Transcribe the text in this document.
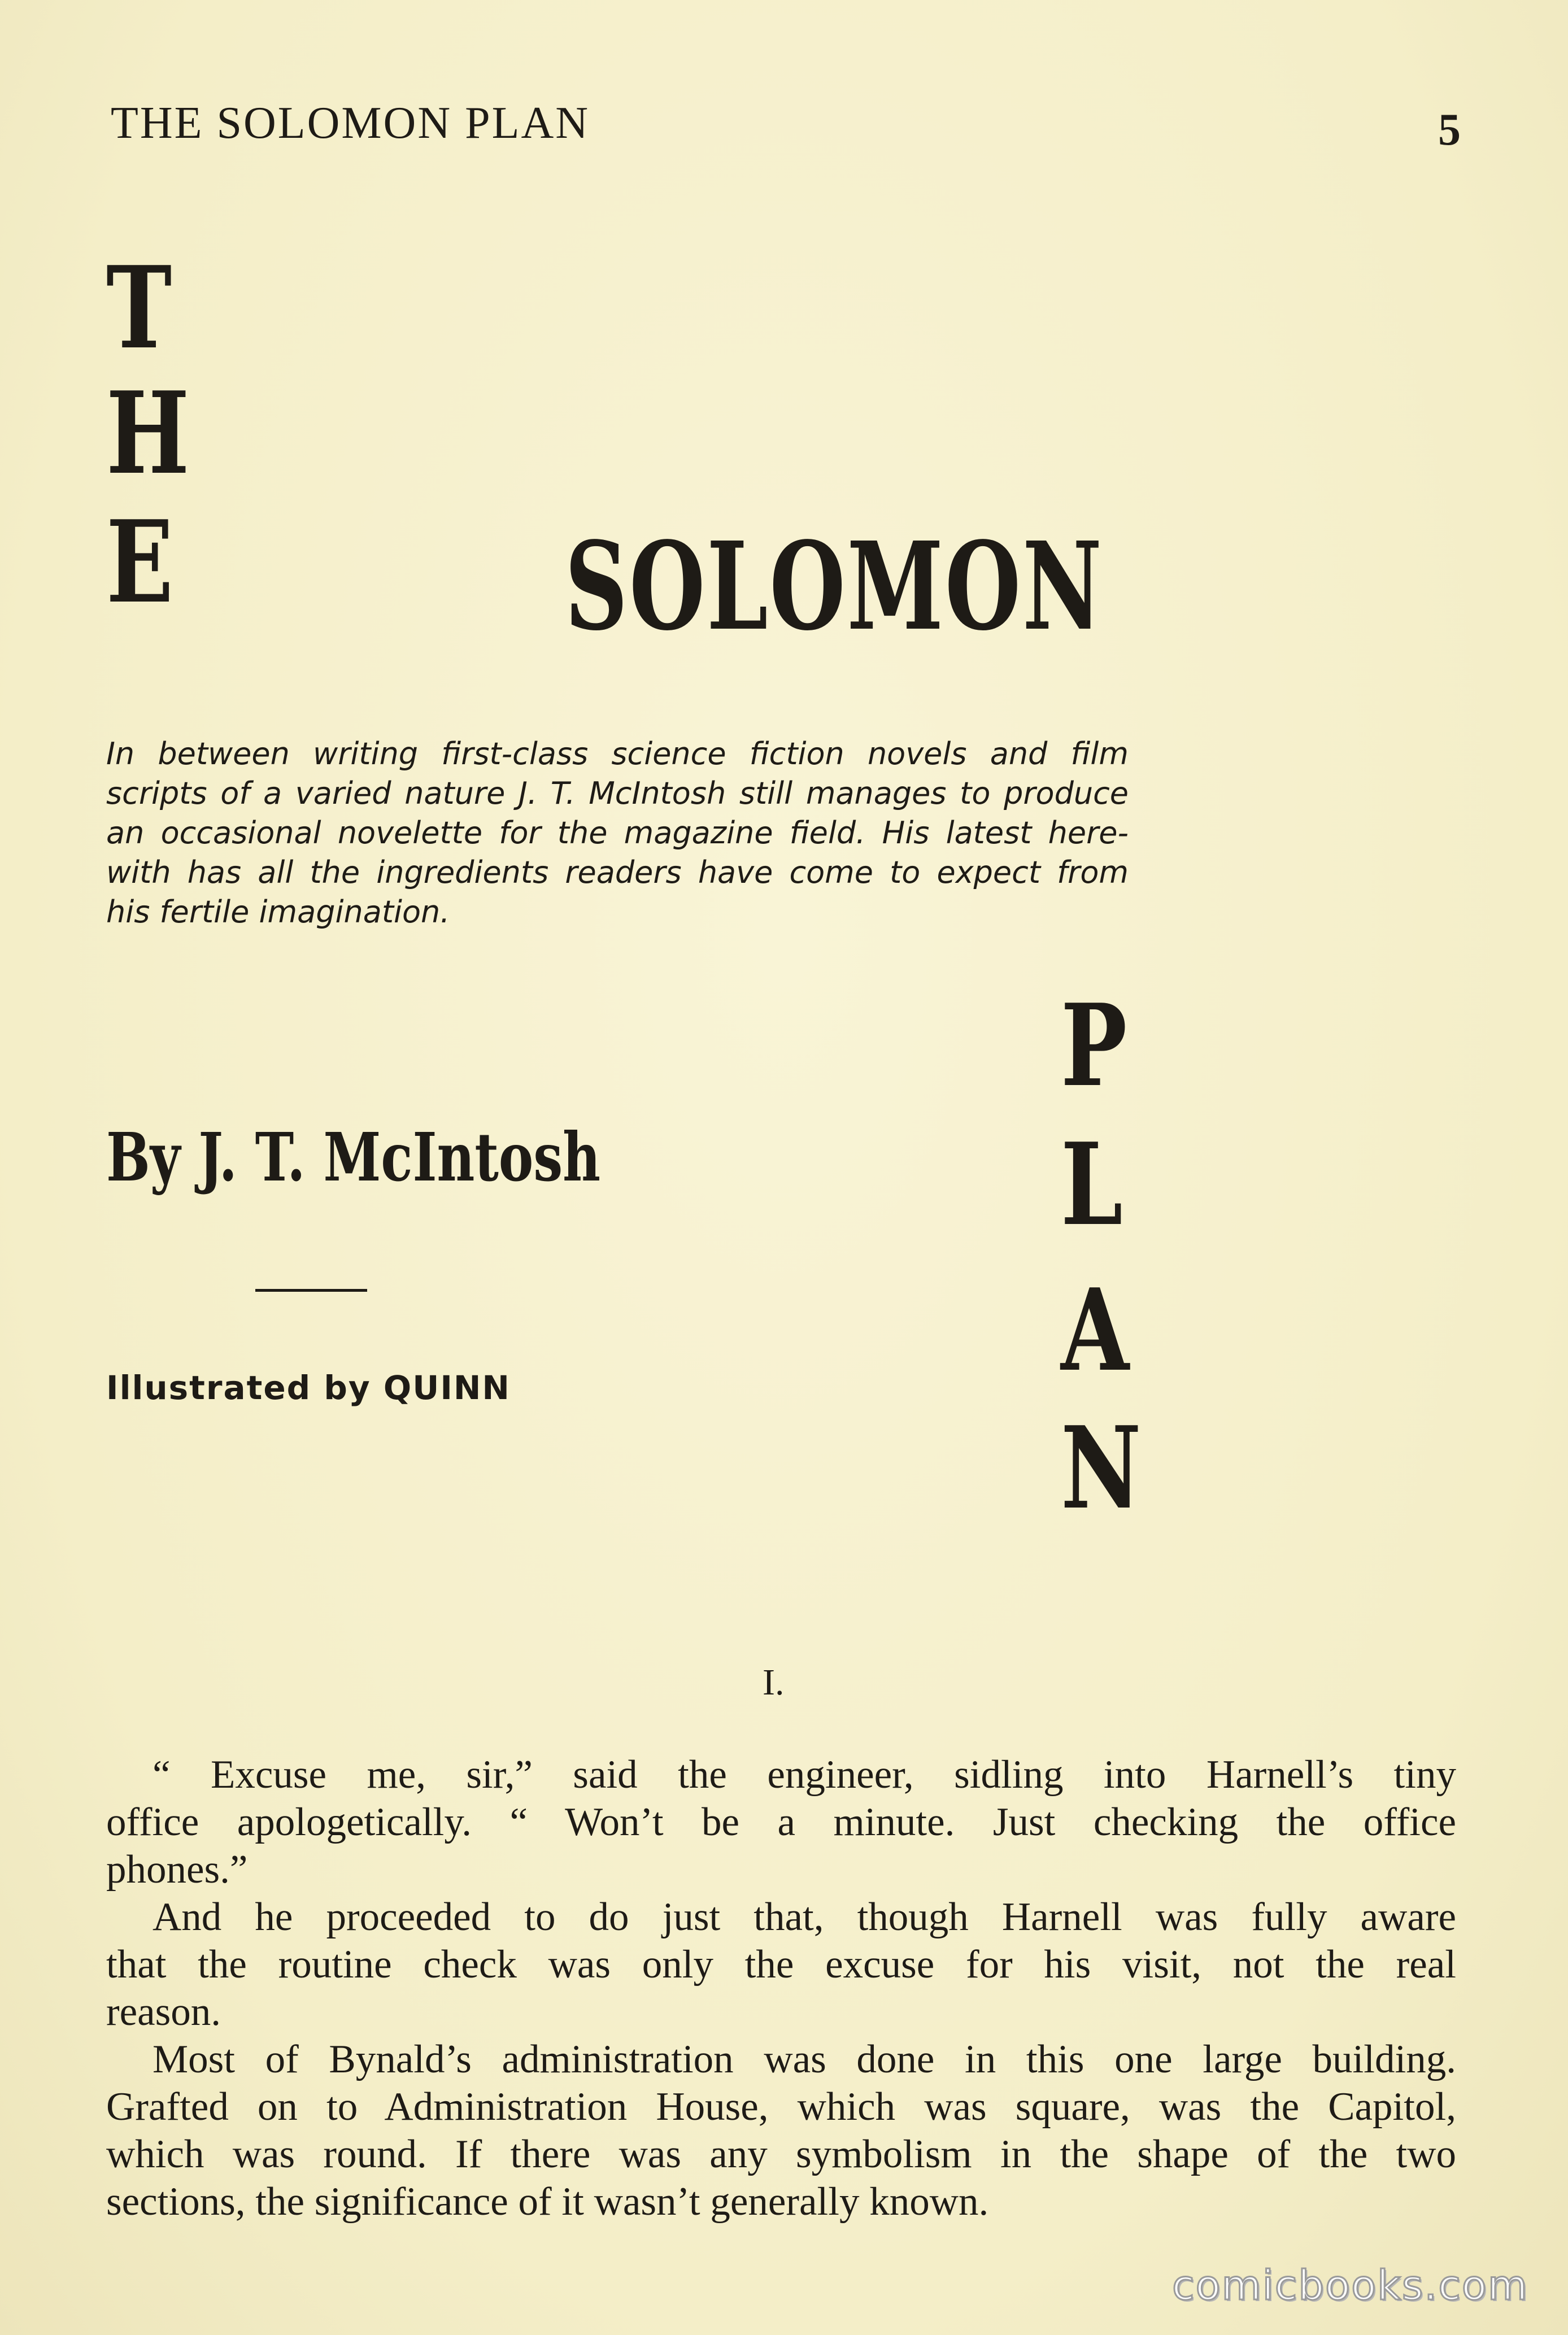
THE SOLOMON PLAN	5
T
H
E	SOLOMON
In between writing first-class science fiction novels and film
scripts of a varied nature J. T. McIntosh still manages to produce
an occasional novelette for the magazine field. His latest here-
with has all the ingredients readers have come to expect from
his fertile imagination.
P
L
A
N
By J. T. McIntosh
Illustrated by QUINN
I.
“ Excuse me, sir,” said the engineer, sidling into Harnell’s tiny
office apologetically. “ Won’t be a minute. Just checking the office
phones.”
And he proceeded to do just that, though Harnell was fully aware
that the routine check was only the excuse for his visit, not the real
reason.
Most of Bynald’s administration was done in this one large building.
Grafted on to Administration House, which was square, was the Capitol,
which was round. If there was any symbolism in the shape of the two
sections, the significance of it wasn’t generally known.
comicbooks.com
